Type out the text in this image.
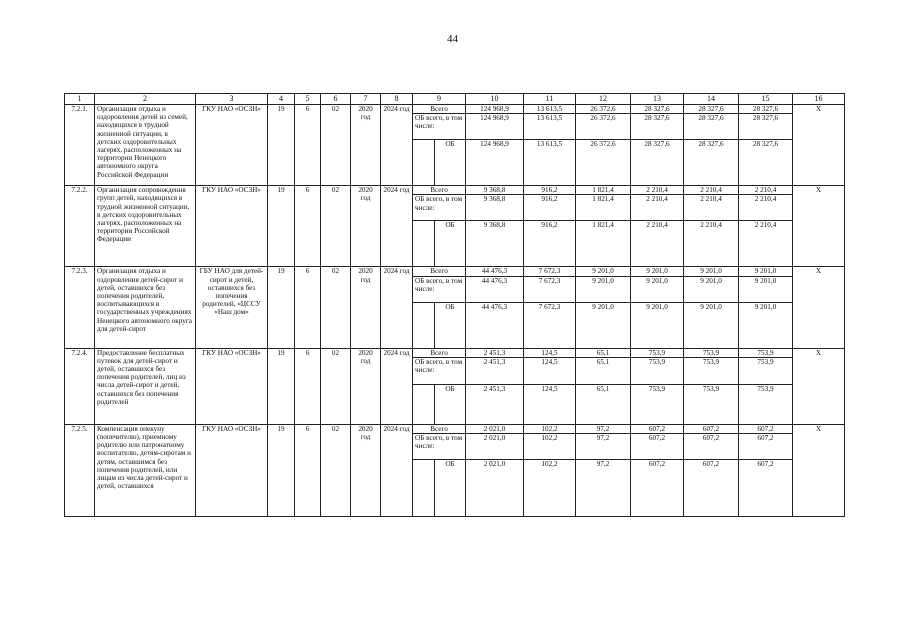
44
1	2	3	4	5	6	7	8	9		10	11	12	13	14	15	16
7.2.1.	Организация отдыха и оздоровления детей из семей, находящихся в трудной жизненной ситуации, в детских оздоровительных лагерях, расположенных на территории Ненецкого автономного округа Российской Федерации	ГКУ НАО «ОСЗН»	19	6	02	2020 год	2024 год	Всего		124 968,9	13 613,5	26 372,6	28 327,6	28 327,6	28 327,6	Х
								ОБ всего, в том числе:		124 968,9	13 613,5	26 372,6	28 327,6	28 327,6	28 327,6	
									ОБ	124 968,9	13 613,5	26 372,6	28 327,6	28 327,6	28 327,6	
7.2.2.	Организация сопровождения групп детей, находящихся в трудной жизненной ситуации, в детских оздоровительных лагерях, расположенных на территории Российской Федерации	ГКУ НАО «ОСЗН»	19	6	02	2020 год	2024 год	Всего		9 368,8	916,2	1 821,4	2 210,4	2 210,4	2 210,4	Х
								ОБ всего, в том числе:		9 368,8	916,2	1 821,4	2 210,4	2 210,4	2 210,4	
									ОБ	9 368,8	916,2	1 821,4	2 210,4	2 210,4	2 210,4	
7.2.3.	Организация отдыха и оздоровления детей-сирот и детей, оставшихся без попечения родителей, воспитывающихся в государственных учреждениях Ненецкого автономного округа для детей-сирот	ГБУ НАО для детей-сирот и детей, оставшихся без попечения родителей, «ЦССУ «Наш дом»	19	6	02	2020 год	2024 год	Всего		44 476,3	7 672,3	9 201,0	9 201,0	9 201,0	9 201,0	Х
								ОБ всего, в том числе:		44 476,3	7 672,3	9 201,0	9 201,0	9 201,0	9 201,0	
									ОБ	44 476,3	7 672,3	9 201,0	9 201,0	9 201,0	9 201,0	
7.2.4.	Предоставление бесплатных путевок для детей-сирот и детей, оставшихся без попечения родителей, лиц из числа детей-сирот и детей, оставшихся без попечения родителей	ГКУ НАО «ОСЗН»	19	6	02	2020 год	2024 год	Всего		2 451,3	124,5	65,1	753,9	753,9	753,9	Х
								ОБ всего, в том числе:		2 451,3	124,5	65,1	753,9	753,9	753,9	
									ОБ	2 451,3	124,5	65,1	753,9	753,9	753,9	
7.2.5.	Компенсация опекуну (попечителю), приемному родителю или патронатному воспитателю, детям-сиротам и детям, оставшимся без попечения родителей, или лицам из числа детей-сирот и детей, оставшихся	ГКУ НАО «ОСЗН»	19	6	02	2020 год	2024 год	Всего		2 021,0	102,2	97,2	607,2	607,2	607,2	Х
								ОБ всего, в том числе:		2 021,0	102,2	97,2	607,2	607,2	607,2	
									ОБ	2 021,0	102,2	97,2	607,2	607,2	607,2	
